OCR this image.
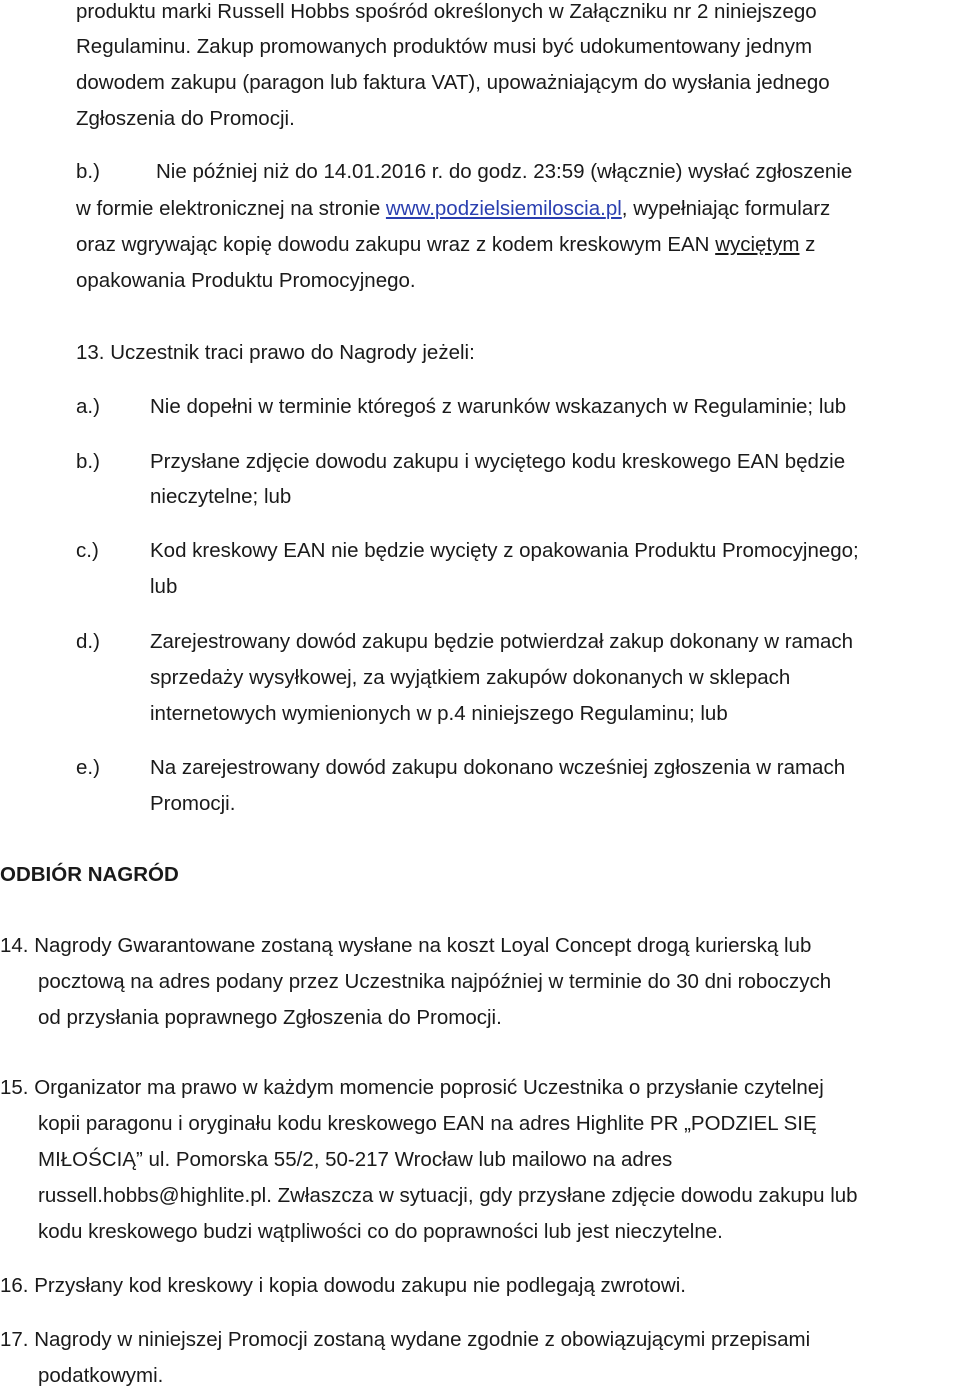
produktu marki Russell Hobbs spośród określonych w Załączniku nr 2 niniejszego
Regulaminu. Zakup promowanych produktów musi być udokumentowany jednym
dowodem zakupu (paragon lub faktura VAT), upoważniającym do wysłania jednego
Zgłoszenia do Promocji.
b.)	Nie później niż do 14.01.2016 r. do godz. 23:59 (włącznie) wysłać zgłoszenie
w formie elektronicznej na stronie www.podzielsiemiloscia.pl, wypełniając formularz
oraz wgrywając kopię dowodu zakupu wraz z kodem kreskowym EAN wyciętym z
opakowania Produktu Promocyjnego.
13. Uczestnik traci prawo do Nagrody jeżeli:
a.) Nie dopełni w terminie któregoś z warunków wskazanych w Regulaminie; lub
b.) Przysłane zdjęcie dowodu zakupu i wyciętego kodu kreskowego EAN będzie
nieczytelne; lub
c.) Kod kreskowy EAN nie będzie wycięty z opakowania Produktu Promocyjnego;
lub
d.) Zarejestrowany dowód zakupu będzie potwierdzał zakup dokonany w ramach
sprzedaży wysyłkowej, za wyjątkiem zakupów dokonanych w sklepach
internetowych wymienionych w p.4 niniejszego Regulaminu; lub
e.) Na zarejestrowany dowód zakupu dokonano wcześniej zgłoszenia w ramach
Promocji.
ODBIÓR NAGRÓD
14. Nagrody Gwarantowane zostaną wysłane na koszt Loyal Concept drogą kurierską lub
pocztową na adres podany przez Uczestnika najpóźniej w terminie do 30 dni roboczych
od przysłania poprawnego Zgłoszenia do Promocji.
15. Organizator ma prawo w każdym momencie poprosić Uczestnika o przysłanie czytelnej
kopii paragonu i oryginału kodu kreskowego EAN na adres Highlite PR „PODZIEL SIĘ
MIŁOŚCIĄ” ul. Pomorska 55/2, 50-217 Wrocław lub mailowo na adres
russell.hobbs@highlite.pl. Zwłaszcza w sytuacji, gdy przysłane zdjęcie dowodu zakupu lub
kodu kreskowego budzi wątpliwości co do poprawności lub jest nieczytelne.
16. Przysłany kod kreskowy i kopia dowodu zakupu nie podlegają zwrotowi.
17. Nagrody w niniejszej Promocji zostaną wydane zgodnie z obowiązującymi przepisami
podatkowymi.
